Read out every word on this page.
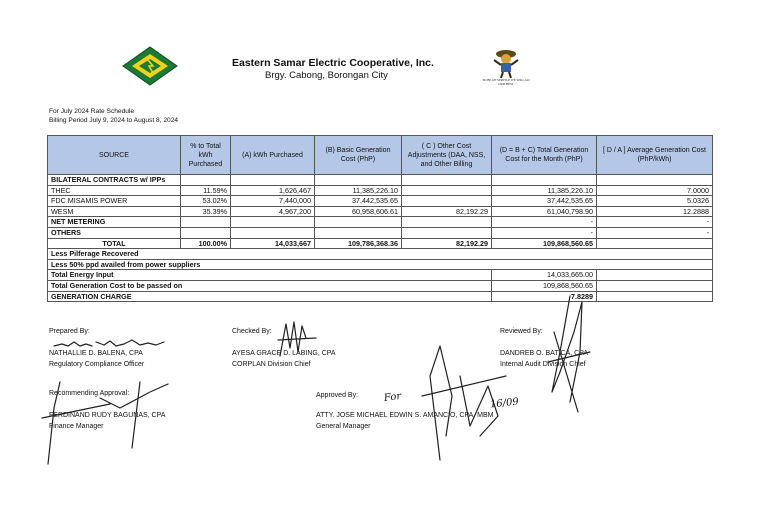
Eastern Samar Electric Cooperative, Inc.
Brgy. Cabong, Borongan City	TO BE OF SERVICE WE WILL GO OUR BEST
For July 2024 Rate Schedule
Billing Period July 9, 2024 to August 8, 2024
SOURCE	% to Total kWh Purchased	(A) kWh Purchased	(B) Basic Generation Cost (PhP)	( C ) Other Cost Adjustments (DAA, NSS, and Other Billing	(D = B + C) Total Generation Cost for the Month (PhP)	[ D / A ] Average Generation Cost (PhP/kWh)
BILATERAL CONTRACTS w/ IPPs						
THEC	11.59%	1,626,467	11,385,226.10		11,385,226.10	7.0000
FDC MISAMIS POWER	53.02%	7,440,000	37,442,535.65		37,442,535.65	5.0326
WESM	35.39%	4,967,200	60,958,606.61	82,192.29	61,040,798.90	12.2888
NET METERING					-	-
OTHERS					-	-
TOTAL	100.00%	14,033,667	109,786,368.36	82,192.29	109,868,560.65	
Less Pilferage Recovered						
Less 50% ppd availed from power suppliers						
Total Energy Input					14,033,665.00	
Total Generation Cost to be passed on					109,868,560.65	
GENERATION CHARGE					7.8289	
Prepared By:
NATHALLIE D. BALENA, CPA
Regulatory Compliance Officer
Checked By:
AYESA GRACE D. LABING, CPA
CORPLAN Division Chief
Reviewed By:
DANDREB O. BATICA, CPA
Internal Audit Division Chief
Recommending Approval:
FERDINAND RUDY BAGUNAS, CPA
Finance Manager
Approved By:
ATTY. JOSE MICHAEL EDWIN S. AMANCIO, CPA, MBM
General Manager
For	16/09
